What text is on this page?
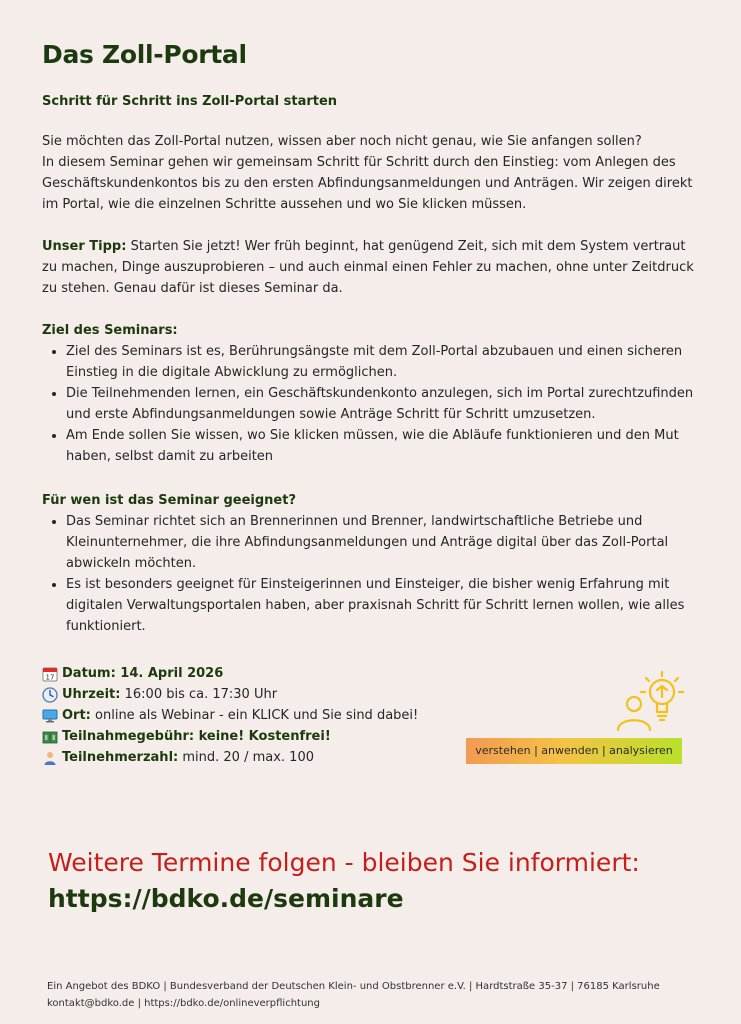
Das Zoll-Portal
Schritt für Schritt ins Zoll-Portal starten

Sie möchten das Zoll-Portal nutzen, wissen aber noch nicht genau, wie Sie anfangen sollen?

In diesem Seminar gehen wir gemeinsam Schritt für Schritt durch den Einstieg: vom Anlegen des Geschäftskundenkontos bis zu den ersten Abfindungsanmeldungen und Anträgen. Wir zeigen direkt im Portal, wie die einzelnen Schritte aussehen und wo Sie klicken müssen.

Unser Tipp: Starten Sie jetzt! Wer früh beginnt, hat genügend Zeit, sich mit dem System vertraut zu machen, Dinge auszuprobieren – und auch einmal einen Fehler zu machen, ohne unter Zeitdruck zu stehen. Genau dafür ist dieses Seminar da.

Ziel des Seminars:
• Ziel des Seminars ist es, Berührungsängste mit dem Zoll-Portal abzubauen und einen sicheren Einstieg in die digitale Abwicklung zu ermöglichen.
• Die Teilnehmenden lernen, ein Geschäftskundenkonto anzulegen, sich im Portal zurechtzufinden und erste Abfindungsanmeldungen sowie Anträge Schritt für Schritt umzusetzen.
• Am Ende sollen Sie wissen, wo Sie klicken müssen, wie die Abläufe funktionieren und den Mut haben, selbst damit zu arbeiten
Für wen ist das Seminar geeignet?
• Das Seminar richtet sich an Brennerinnen und Brenner, landwirtschaftliche Betriebe und Kleinunternehmer, die ihre Abfindungsanmeldungen und Anträge digital über das Zoll-Portal abwickeln möchten.
• Es ist besonders geeignet für Einsteigerinnen und Einsteiger, die bisher wenig Erfahrung mit digitalen Verwaltungsportalen haben, aber praxisnah Schritt für Schritt lernen wollen, wie alles funktioniert.
17 Datum: 14. April 2026
Uhrzeit:
16:00 bis ca. 17:30 Uhr
Ort:
online als Webinar - ein KLICK und Sie sind dabei!
Teilnahmegebühr: keine! Kostenfrei!
Teilnehmerzahl:
mind. 20 / max. 100	verstehen | anwenden | analysieren
Weitere Termine folgen - bleiben Sie informiert:
https://bdko.de/seminare
Ein Angebot des BDKO | Bundesverband der Deutschen Klein- und Obstbrenner e.V. | Hardtstraße 35-37 | 76185 Karlsruhe
kontakt@bdko.de | https://bdko.de/onlineverpflichtung
